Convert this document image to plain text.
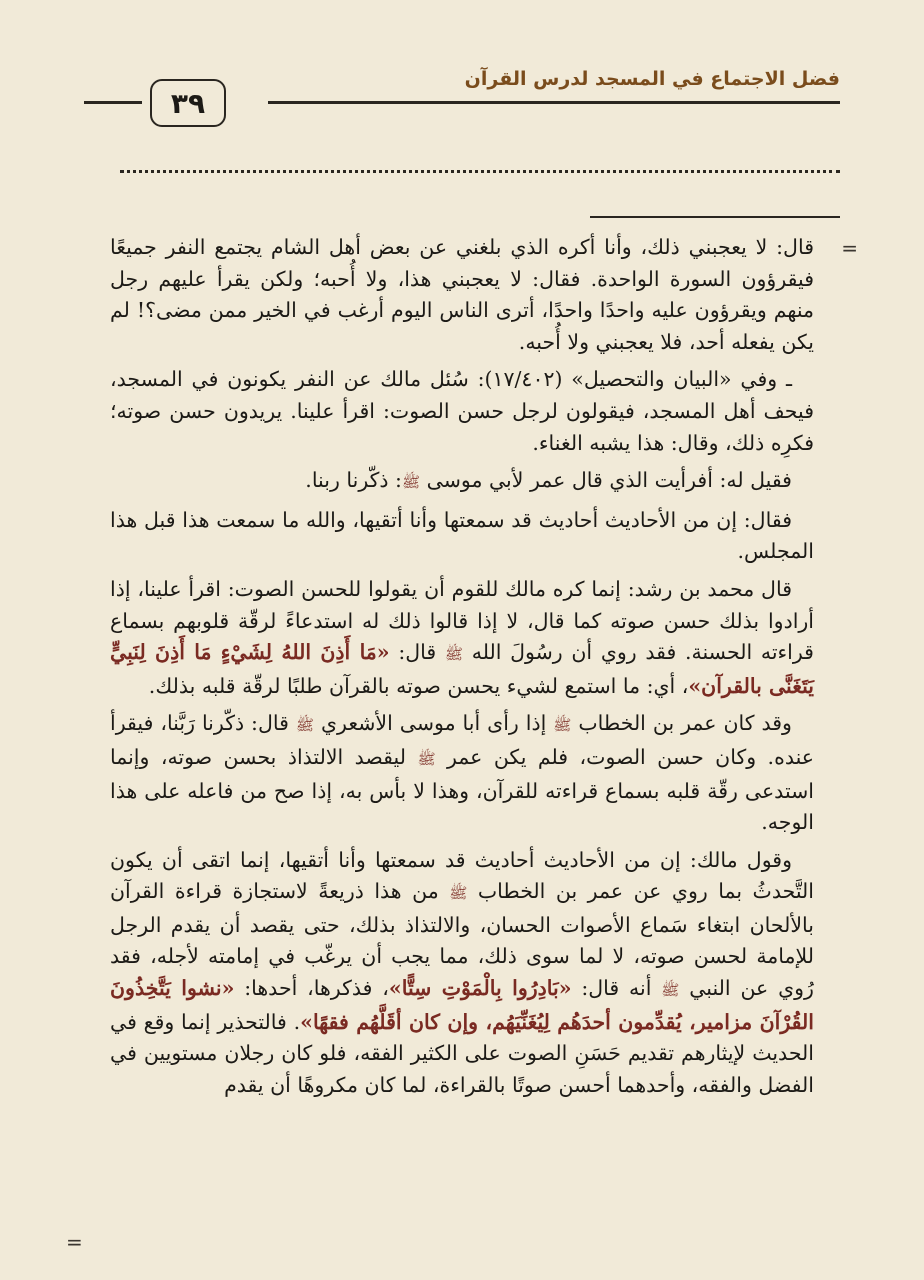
فضل الاجتماع في المسجد لدرس القرآن
٣٩
=
=

قال: لا يعجبني ذلك، وأنا أكره الذي بلغني عن بعض أهل الشام يجتمع النفر جميعًا فيقرؤون السورة الواحدة. فقال: لا يعجبني هذا، ولا أُحبه؛ ولكن يقرأ عليهم رجل منهم ويقرؤون عليه واحدًا واحدًا، أترى الناس اليوم أرغب في الخير ممن مضى؟! لم يكن يفعله أحد، فلا يعجبني ولا أُحبه.

ـ وفي «البيان والتحصيل» (١٧/٤٠٢): سُئل مالك عن النفر يكونون في المسجد، فيحف أهل المسجد، فيقولون لرجل حسن الصوت: اقرأ علينا. يريدون حسن صوته؛ فكرِه ذلك، وقال: هذا يشبه الغناء.

فقيل له: أفرأيت الذي قال عمر لأبي موسى ﷺ: ذكّرنا ربنا.

فقال: إن من الأحاديث أحاديث قد سمعتها وأنا أتقيها، والله ما سمعت هذا قبل هذا المجلس.

قال محمد بن رشد: إنما كره مالك للقوم أن يقولوا للحسن الصوت: اقرأ علينا، إذا أرادوا بذلك حسن صوته كما قال، لا إذا قالوا ذلك له استدعاءً لرقّة قلوبهم بسماع قراءته الحسنة. فقد روي أن رسُولَ الله ﷺ قال: «مَا أَذِنَ اللهُ لِشَيْءٍ مَا أَذِنَ لِنَبِيٍّ يَتَغَنَّى بالقرآن»، أي: ما استمع لشيء يحسن صوته بالقرآن طلبًا لرقّة قلبه بذلك.

وقد كان عمر بن الخطاب ﷺ إذا رأى أبا موسى الأشعري ﷺ قال: ذكّرنا رَبَّنا، فيقرأ عنده. وكان حسن الصوت، فلم يكن عمر ﷺ ليقصد الالتذاذ بحسن صوته، وإنما استدعى رقّة قلبه بسماع قراءته للقرآن، وهذا لا بأس به، إذا صح من فاعله على هذا الوجه.

وقول مالك: إن من الأحاديث أحاديث قد سمعتها وأنا أتقيها، إنما اتقى أن يكون التَّحدثُ بما روي عن عمر بن الخطاب ﷺ من هذا ذريعةً لاستجازة قراءة القرآن بالألحان ابتغاء سَماع الأصوات الحسان، والالتذاذ بذلك، حتى يقصد أن يقدم الرجل للإمامة لحسن صوته، لا لما سوى ذلك، مما يجب أن يرغّب في إمامته لأجله، فقد رُوي عن النبي ﷺ أنه قال: «بَادِرُوا بِالْمَوْتِ سِتًّا»، فذكرها، أحدها: «نشوا يَتَّخِذُونَ القُرْآنَ مزامير، يُقدِّمون أحدَهُم لِيُغَنِّيَهُم، وإن كان أقَلَّهُم فقهًا». فالتحذير إنما وقع في الحديث لإيثارهم تقديم حَسَنِ الصوت على الكثير الفقه، فلو كان رجلان مستويين في الفضل والفقه، وأحدهما أحسن صوتًا بالقراءة، لما كان مكروهًا أن يقدم
